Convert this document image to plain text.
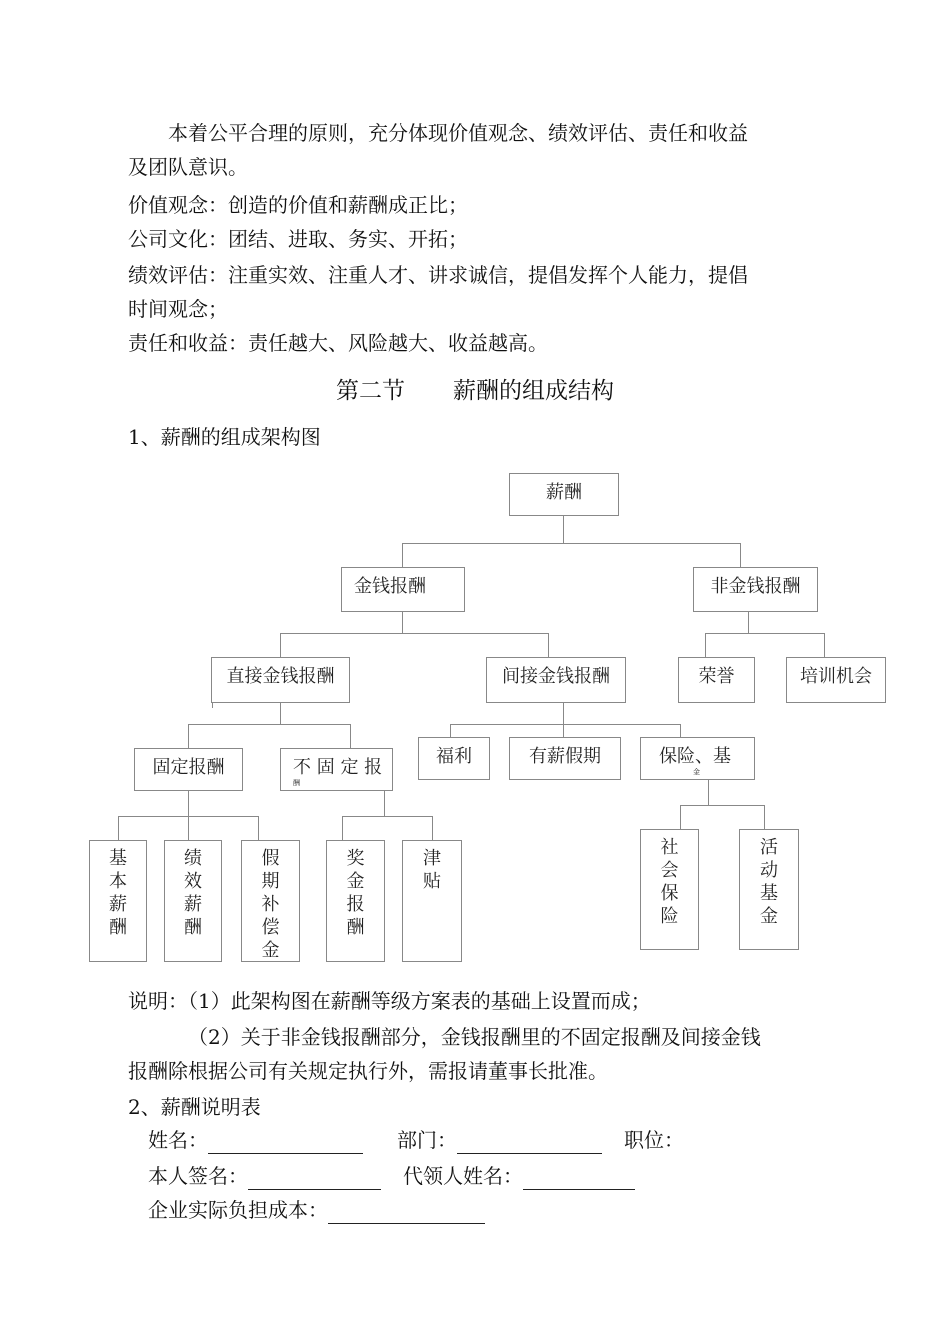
本着公平合理的原则，充分体现价值观念、绩效评估、责任和收益

及团队意识。

价值观念：创造的价值和薪酬成正比；

公司文化：团结、进取、务实、开拓；

绩效评估：注重实效、注重人才、讲求诚信，提倡发挥个人能力，提倡

时间观念；

责任和收益：责任越大、风险越大、收益越高。

第二节 薪酬的组成结构

1、薪酬的组成架构图

薪酬
金钱报酬	非金钱报酬
直接金钱报酬	间接金钱报酬	荣誉	培训机会
固定报酬	不 固 定 报
酬
福利	有薪假期	保险、基
金
基本薪酬
绩效薪酬
假期补偿金
奖金报酬
津贴
社会保险
活动基金

说明：（1）此架构图在薪酬等级方案表的基础上设置而成；

（2）关于非金钱报酬部分，金钱报酬里的不固定报酬及间接金钱

报酬除根据公司有关规定执行外，需报请董事长批准。

2、薪酬说明表

姓名：	部门：	职位：
本人签名：	代领人姓名：
企业实际负担成本：
